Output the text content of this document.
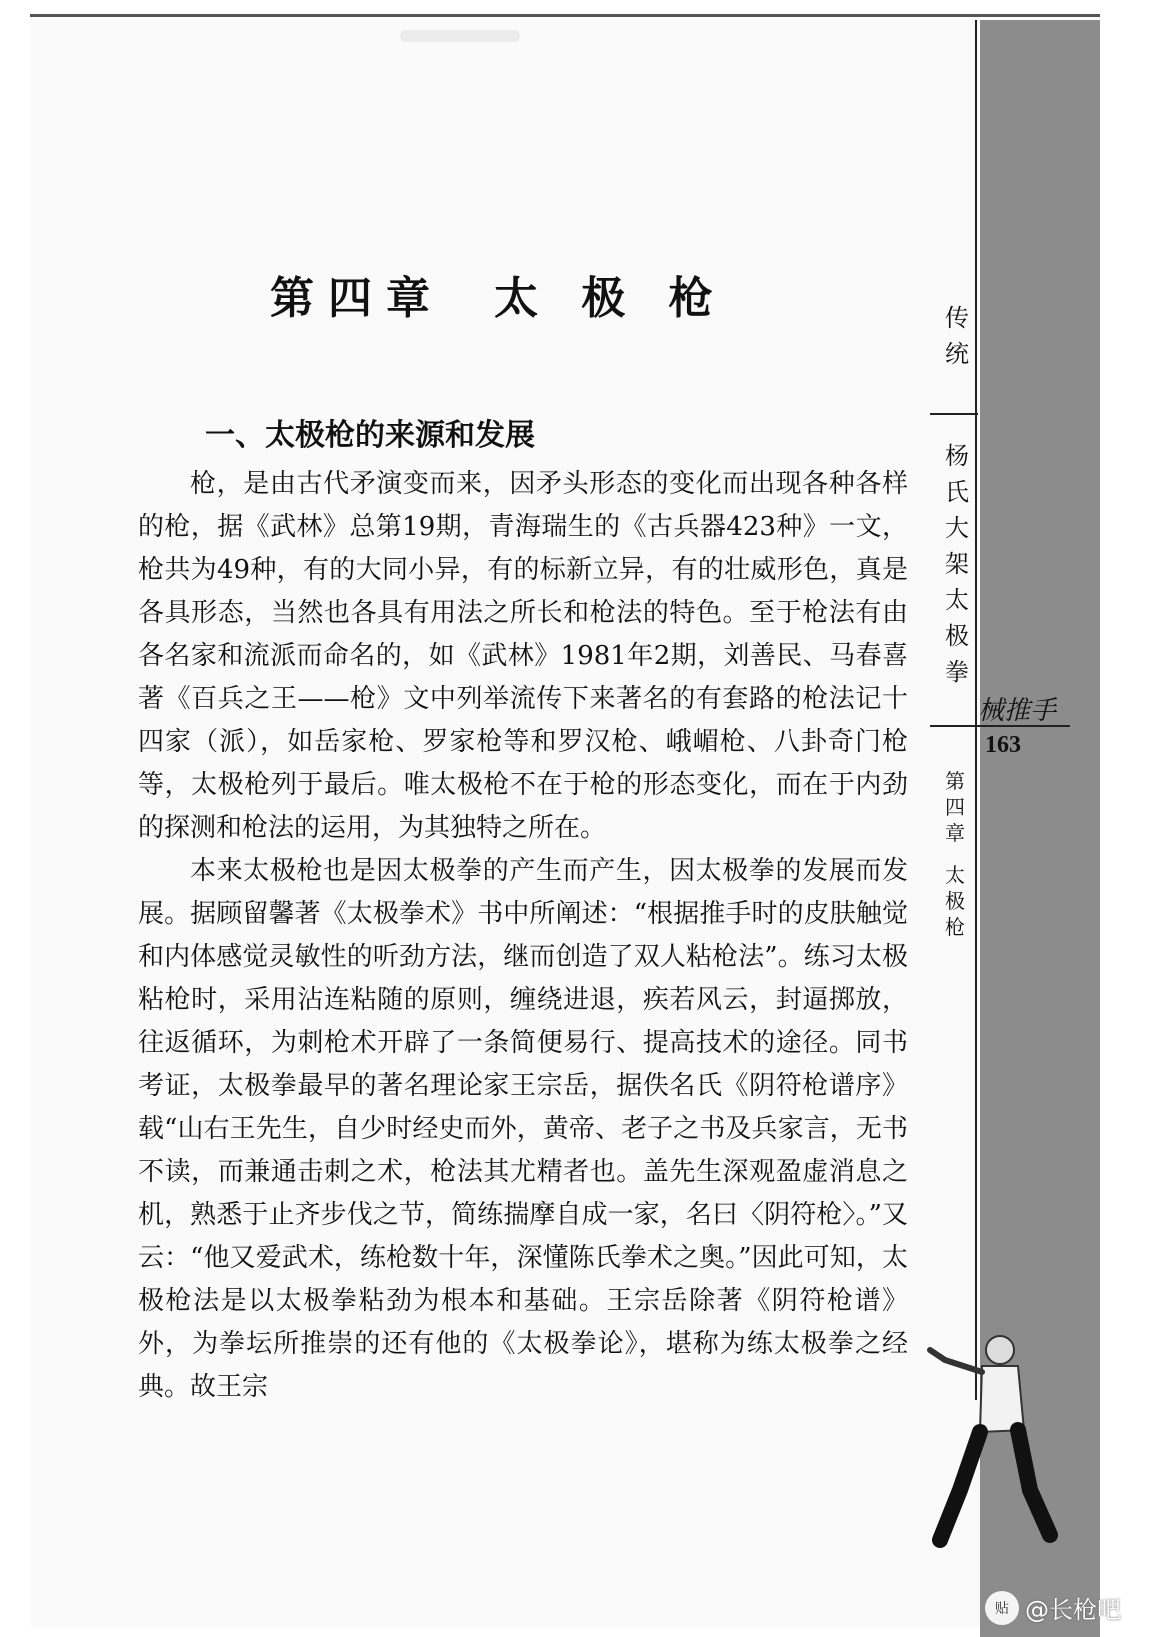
第四章 太 极 枪
一、太极枪的来源和发展

枪，是由古代矛演变而来，因矛头形态的变化而出现各种各样的枪，据《武林》总第19期，青海瑞生的《古兵器423种》一文，枪共为49种，有的大同小异，有的标新立异，有的壮威形色，真是各具形态，当然也各具有用法之所长和枪法的特色。至于枪法有由各名家和流派而命名的，如《武林》1981年2期，刘善民、马春喜著《百兵之王——枪》文中列举流传下来著名的有套路的枪法记十四家（派），如岳家枪、罗家枪等和罗汉枪、峨嵋枪、八卦奇门枪等，太极枪列于最后。唯太极枪不在于枪的形态变化，而在于内劲的探测和枪法的运用，为其独特之所在。

本来太极枪也是因太极拳的产生而产生，因太极拳的发展而发展。据顾留馨著《太极拳术》书中所阐述：“根据推手时的皮肤触觉和内体感觉灵敏性的听劲方法，继而创造了双人粘枪法”。练习太极粘枪时，采用沾连粘随的原则，缠绕进退，疾若风云，封逼掷放，往返循环，为刺枪术开辟了一条简便易行、提高技术的途径。同书考证，太极拳最早的著名理论家王宗岳，据佚名氏《阴符枪谱序》载“山右王先生，自少时经史而外，黄帝、老子之书及兵家言，无书不读，而兼通击刺之术，枪法其尤精者也。盖先生深观盈虚消息之机，熟悉于止齐步伐之节，简练揣摩自成一家，名曰〈阴符枪〉。”又云：“他又爱武术，练枪数十年，深懂陈氏拳术之奥。”因此可知，太极枪法是以太极拳粘劲为根本和基础。王宗岳除著《阴符枪谱》外，为拳坛所推崇的还有他的《太极拳论》，堪称为练太极拳之经典。故王宗

传统
杨氏大架太极拳
械推手
163
第四章
太极枪
贴 @长枪吧
